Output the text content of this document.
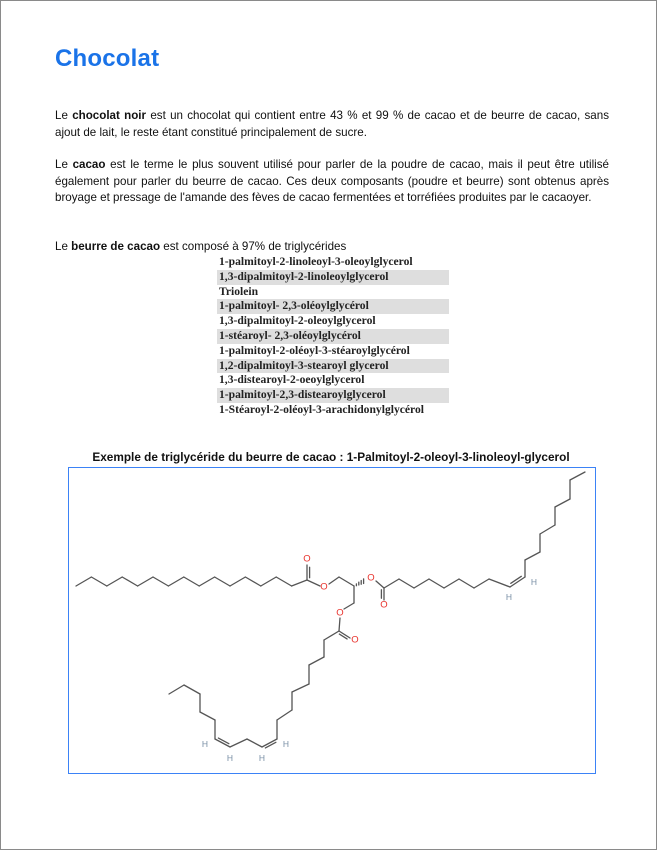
Chocolat
Le chocolat noir est un chocolat qui contient entre 43 % et 99 % de cacao et de beurre de cacao, sans ajout de lait, le reste étant constitué principalement de sucre.
Le cacao est le terme le plus souvent utilisé pour parler de la poudre de cacao, mais il peut être utilisé également pour parler du beurre de cacao. Ces deux composants (poudre et beurre) sont obtenus après broyage et pressage de l'amande des fèves de cacao fermentées et torréfiées produites par le cacaoyer.
Le beurre de cacao est composé à 97% de triglycérides
1-palmitoyl-2-linoleoyl-3-oleoylglycerol
1,3-dipalmitoyl-2-linoleoylglycerol
Triolein
1-palmitoyl- 2,3-oléoylglycérol
1,3-dipalmitoyl-2-oleoylglycerol
1-stéaroyl- 2,3-oléoylglycérol
1-palmitoyl-2-oléoyl-3-stéaroylglycérol
1,2-dipalmitoyl-3-stearoyl glycerol
1,3-distearoyl-2-oeoylglycerol
1-palmitoyl-2,3-distearoylglycerol
1-Stéaroyl-2-oléoyl-3-arachidonylglycérol
Exemple de triglycéride du beurre de cacao : 1-Palmitoyl-2-oleoyl-3-linoleoyl-glycerol
O
O
O
O
O
O
H
H
H
H
H
H
